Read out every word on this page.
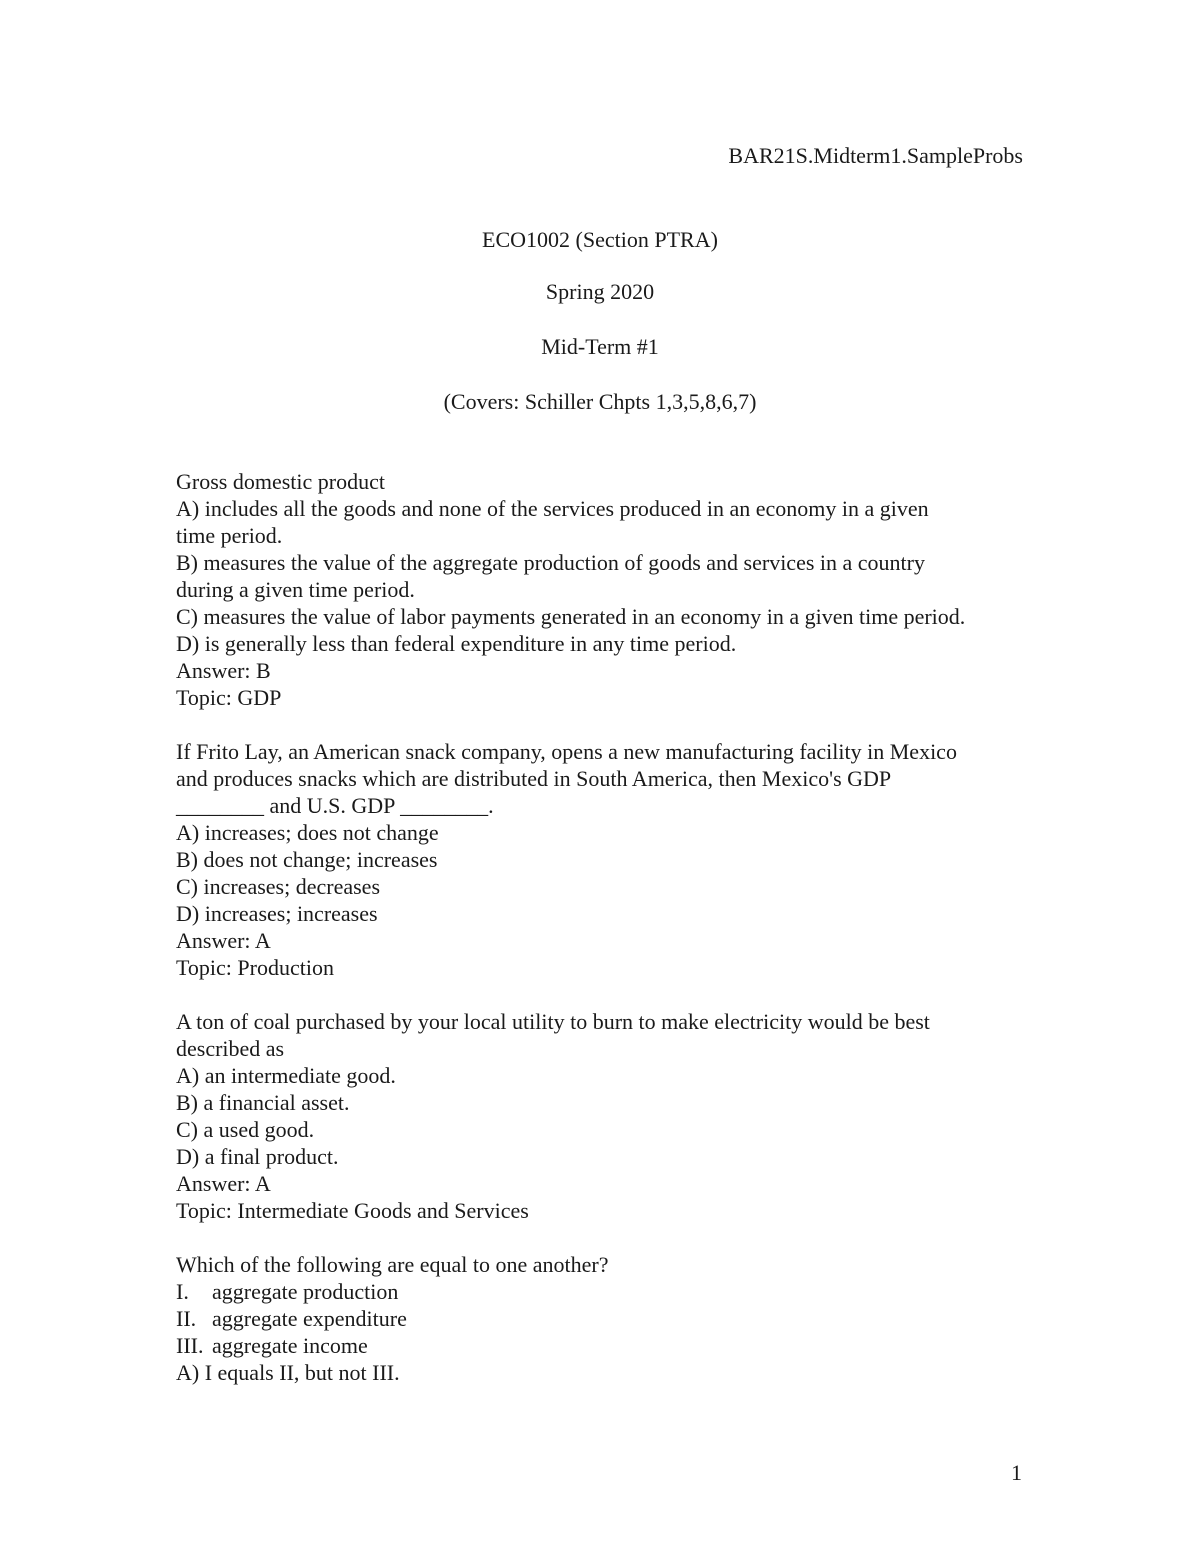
BAR21S.Midterm1.SampleProbs
ECO1002 (Section PTRA)
Spring 2020
Mid-Term #1
(Covers: Schiller Chpts 1,3,5,8,6,7)
Gross domestic product
A) includes all the goods and none of the services produced in an economy in a given
time period.
B) measures the value of the aggregate production of goods and services in a country
during a given time period.
C) measures the value of labor payments generated in an economy in a given time period.
D) is generally less than federal expenditure in any time period.
Answer: B
Topic: GDP
If Frito Lay, an American snack company, opens a new manufacturing facility in Mexico
and produces snacks which are distributed in South America, then Mexico's GDP
________ and U.S. GDP ________.
A) increases; does not change
B) does not change; increases
C) increases; decreases
D) increases; increases
Answer: A
Topic: Production
A ton of coal purchased by your local utility to burn to make electricity would be best
described as
A) an intermediate good.
B) a financial asset.
C) a used good.
D) a final product.
Answer: A
Topic: Intermediate Goods and Services
Which of the following are equal to one another?
I. aggregate production
II. aggregate expenditure
III. aggregate income
A) I equals II, but not III.
1
